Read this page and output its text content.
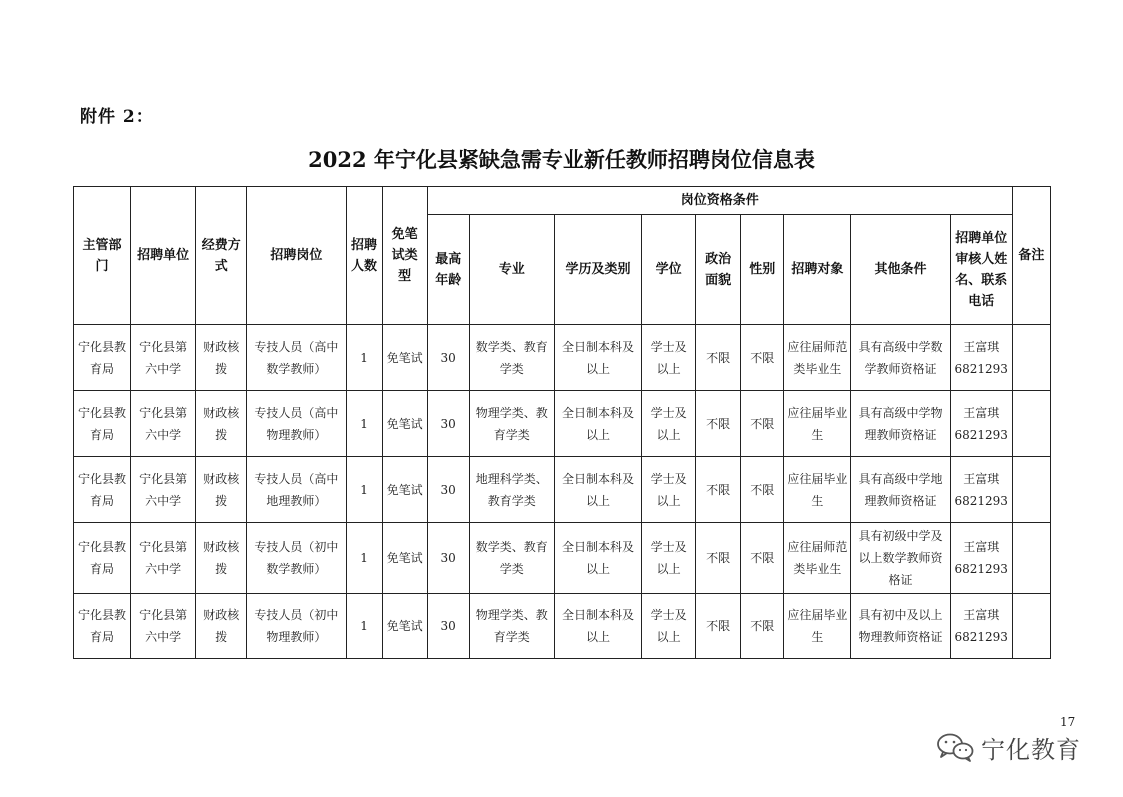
附件 2：
2022 年宁化县紧缺急需专业新任教师招聘岗位信息表
主管部门	招聘单位	经费方式	招聘岗位	招聘人数	免笔试类型	岗位资格条件									备注
						最高年龄	专业	学历及类别	学位	政治面貌	性别	招聘对象	其他条件	招聘单位审核人姓名、联系电话	
宁化县教育局	宁化县第六中学	财政核拨	专技人员（高中数学教师）	1	免笔试	30	数学类、教育学类	全日制本科及以上	学士及以上	不限	不限	应往届师范类毕业生	具有高级中学数学教师资格证	王富琪6821293	
宁化县教育局	宁化县第六中学	财政核拨	专技人员（高中物理教师）	1	免笔试	30	物理学类、教育学类	全日制本科及以上	学士及以上	不限	不限	应往届毕业生	具有高级中学物理教师资格证	王富琪6821293	
宁化县教育局	宁化县第六中学	财政核拨	专技人员（高中地理教师）	1	免笔试	30	地理科学类、教育学类	全日制本科及以上	学士及以上	不限	不限	应往届毕业生	具有高级中学地理教师资格证	王富琪6821293	
宁化县教育局	宁化县第六中学	财政核拨	专技人员（初中数学教师）	1	免笔试	30	数学类、教育学类	全日制本科及以上	学士及以上	不限	不限	应往届师范类毕业生	具有初级中学及以上数学教师资格证	王富琪6821293	
宁化县教育局	宁化县第六中学	财政核拨	专技人员（初中物理教师）	1	免笔试	30	物理学类、教育学类	全日制本科及以上	学士及以上	不限	不限	应往届毕业生	具有初中及以上物理教师资格证	王富琪6821293	
17
宁化教育
